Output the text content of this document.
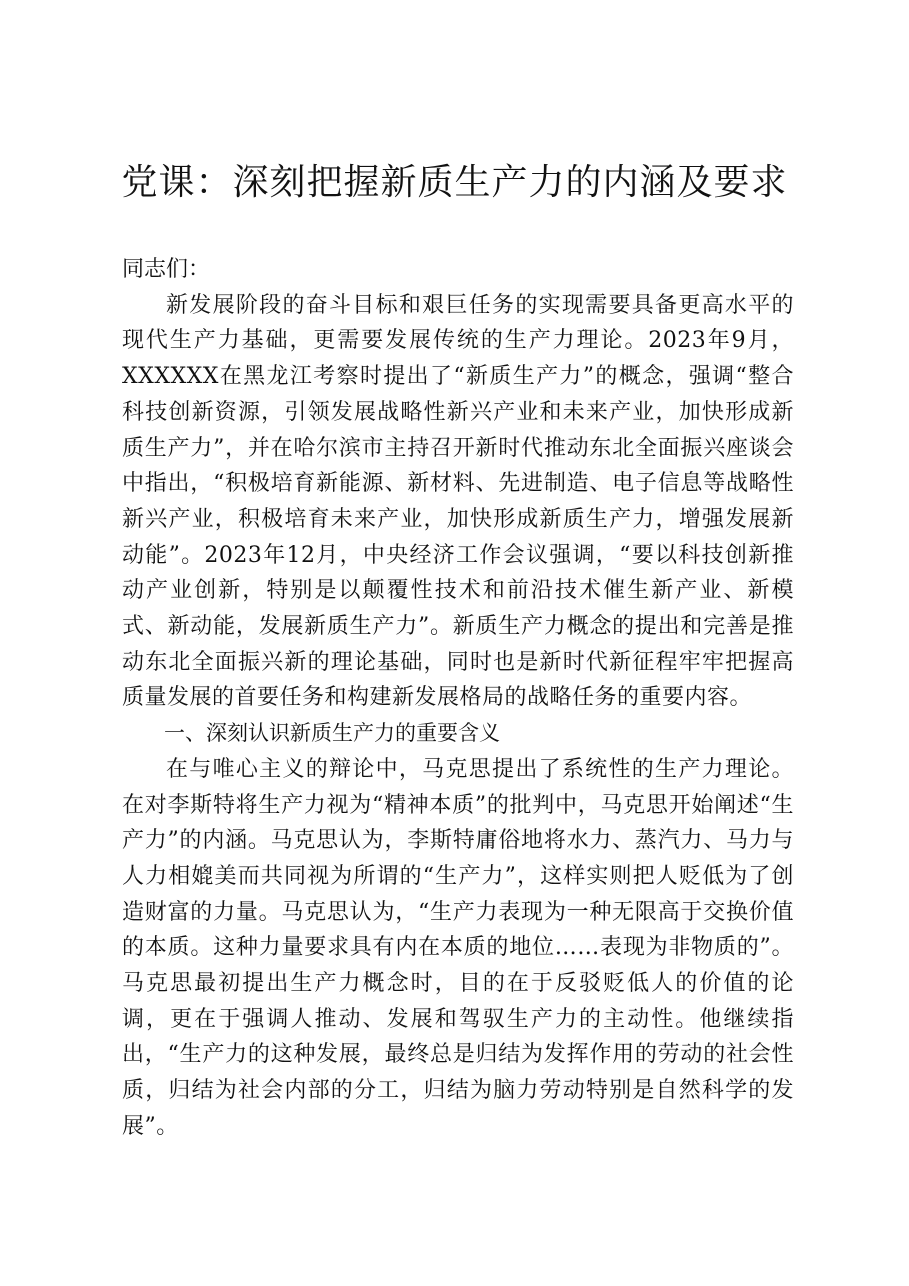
党课：深刻把握新质生产力的内涵及要求

同志们：

新发展阶段的奋斗目标和艰巨任务的实现需要具备更高水平的现代生产力基础，更需要发展传统的生产力理论。2023年9月，XXXXXX在黑龙江考察时提出了“新质生产力”的概念，强调“整合科技创新资源，引领发展战略性新兴产业和未来产业，加快形成新质生产力”，并在哈尔滨市主持召开新时代推动东北全面振兴座谈会中指出，“积极培育新能源、新材料、先进制造、电子信息等战略性新兴产业，积极培育未来产业，加快形成新质生产力，增强发展新动能”。2023年12月，中央经济工作会议强调，“要以科技创新推动产业创新，特别是以颠覆性技术和前沿技术催生新产业、新模式、新动能，发展新质生产力”。新质生产力概念的提出和完善是推动东北全面振兴新的理论基础，同时也是新时代新征程牢牢把握高质量发展的首要任务和构建新发展格局的战略任务的重要内容。

一、深刻认识新质生产力的重要含义

在与唯心主义的辩论中，马克思提出了系统性的生产力理论。在对李斯特将生产力视为“精神本质”的批判中，马克思开始阐述“生产力”的内涵。马克思认为，李斯特庸俗地将水力、蒸汽力、马力与人力相媲美而共同视为所谓的“生产力”，这样实则把人贬低为了创造财富的力量。马克思认为，“生产力表现为一种无限高于交换价值的本质。这种力量要求具有内在本质的地位……表现为非物质的”。马克思最初提出生产力概念时，目的在于反驳贬低人的价值的论调，更在于强调人推动、发展和驾驭生产力的主动性。他继续指出，“生产力的这种发展，最终总是归结为发挥作用的劳动的社会性质，归结为社会内部的分工，归结为脑力劳动特别是自然科学的发展”。
